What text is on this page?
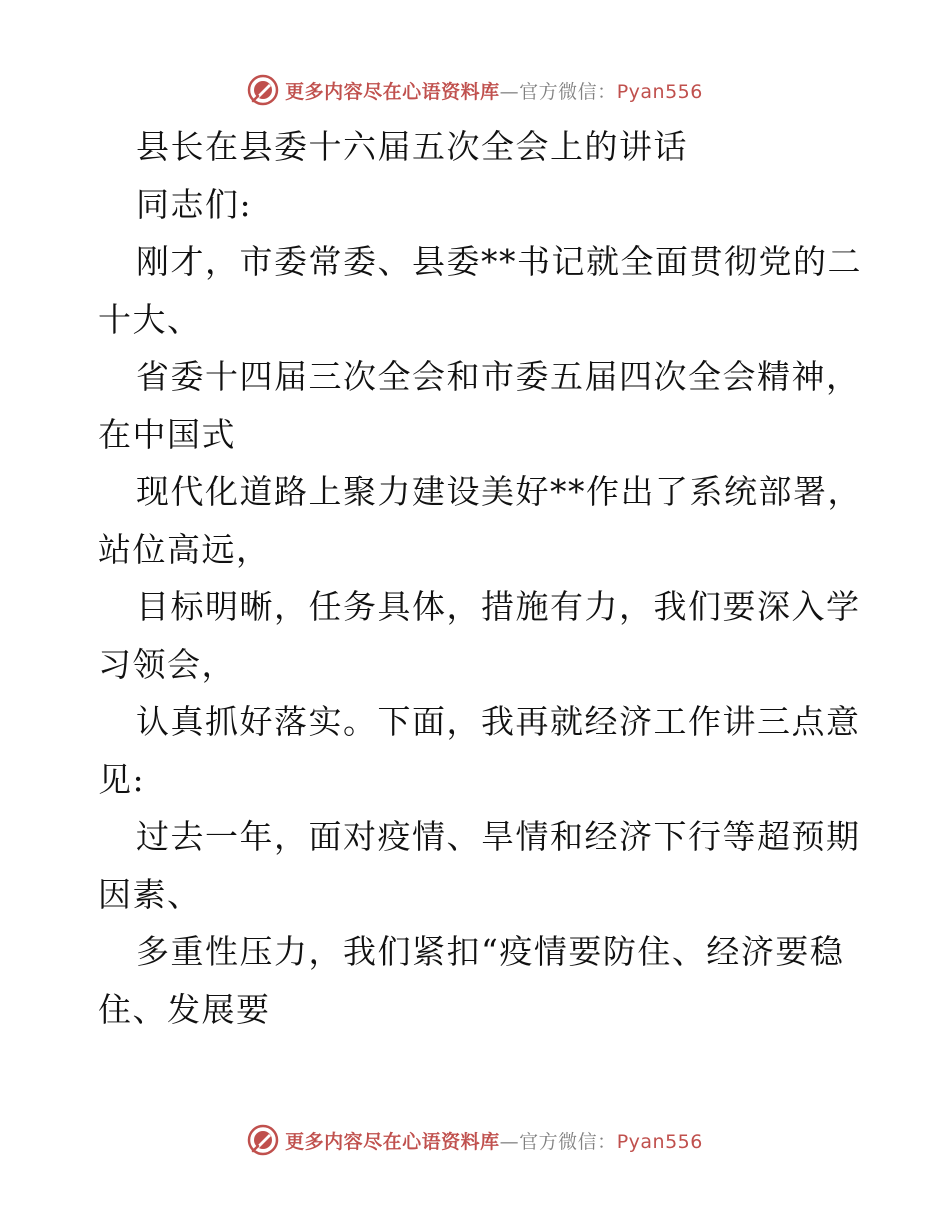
更多内容尽在心语资料库—官方微信：Pyan556
县长在县委十六届五次全会上的讲话
同志们:
刚才，市委常委、县委**书记就全面贯彻党的二
十大、
省委十四届三次全会和市委五届四次全会精神，
在中国式
现代化道路上聚力建设美好**作出了系统部署，
站位高远，
目标明晰，任务具体，措施有力，我们要深入学
习领会，
认真抓好落实。下面，我再就经济工作讲三点意
见:
过去一年，面对疫情、旱情和经济下行等超预期
因素、
多重性压力，我们紧扣“疫情要防住、经济要稳
住、发展要
更多内容尽在心语资料库—官方微信：Pyan556
